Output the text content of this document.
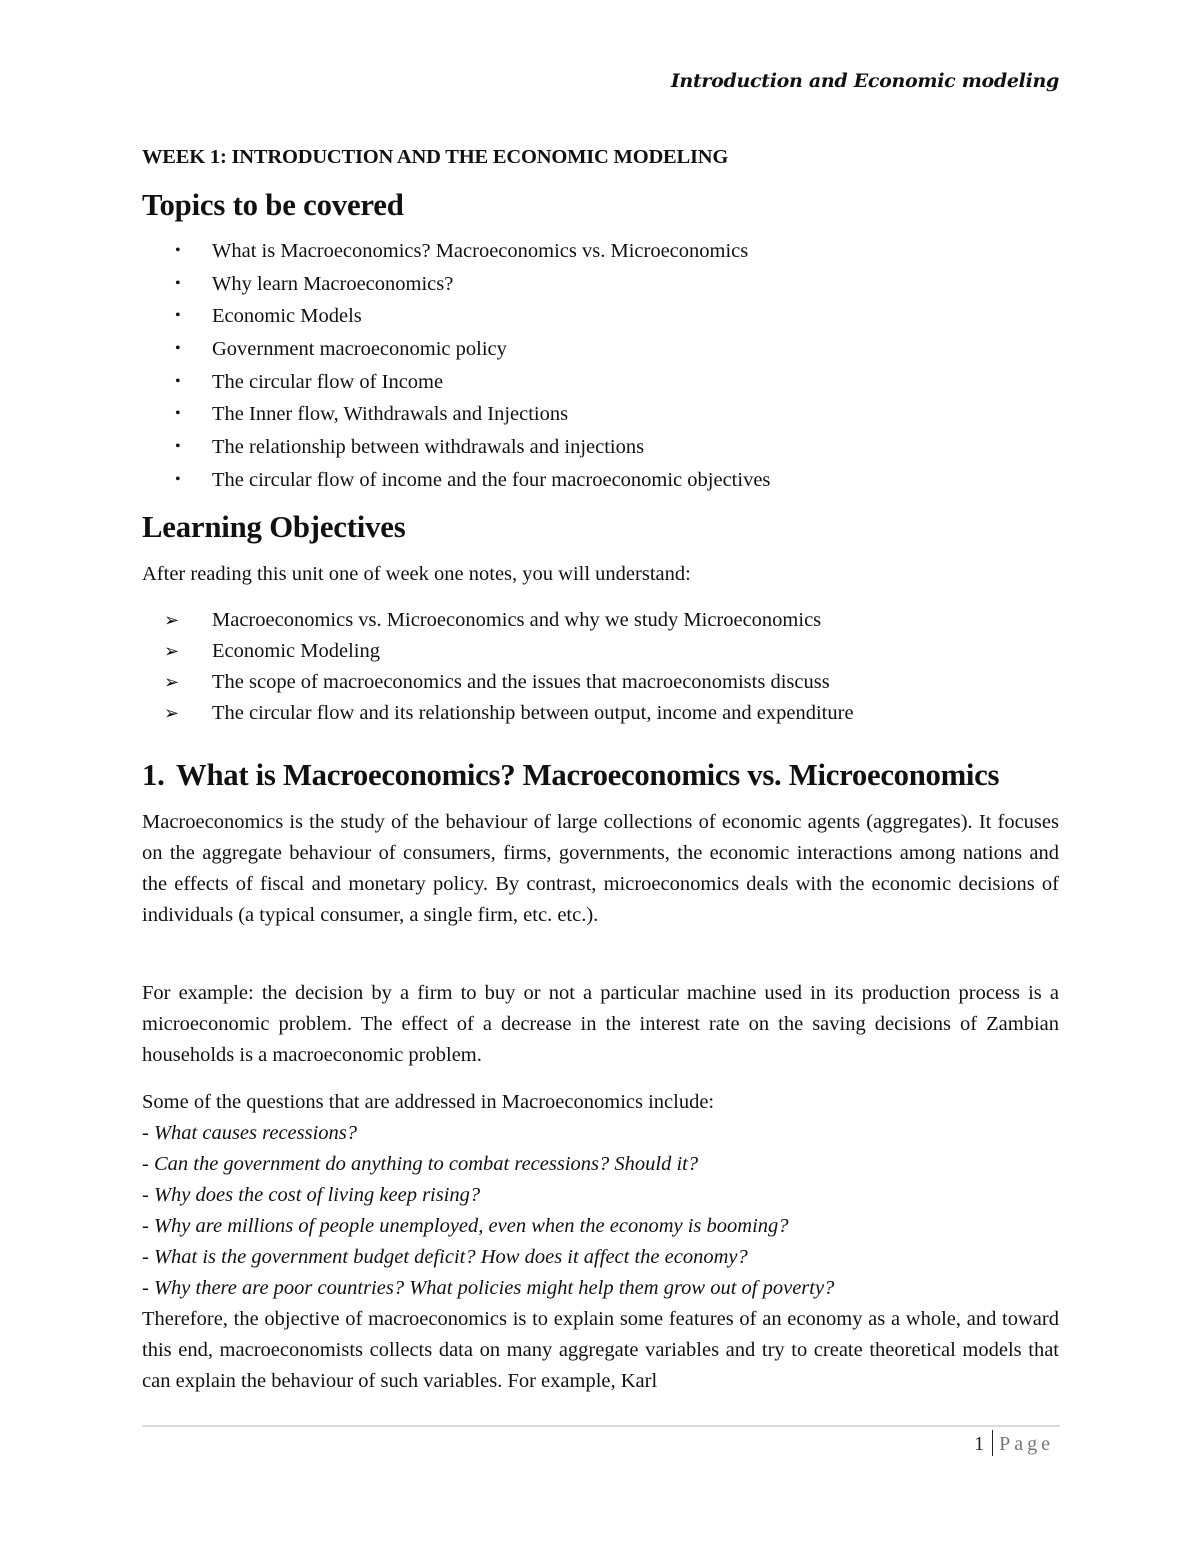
Introduction and Economic modeling
WEEK 1: INTRODUCTION AND THE ECONOMIC MODELING
Topics to be covered
• What is Macroeconomics? Macroeconomics vs. Microeconomics
• Why learn Macroeconomics?
• Economic Models
• Government macroeconomic policy
• The circular flow of Income
• The Inner flow, Withdrawals and Injections
• The relationship between withdrawals and injections
• The circular flow of income and the four macroeconomic objectives
Learning Objectives

After reading this unit one of week one notes, you will understand:

➢ Macroeconomics vs. Microeconomics and why we study Microeconomics
➢ Economic Modeling
➢ The scope of macroeconomics and the issues that macroeconomists discuss
➢ The circular flow and its relationship between output, income and expenditure
1. What is Macroeconomics? Macroeconomics vs. Microeconomics

Macroeconomics is the study of the behaviour of large collections of economic agents (aggregates). It focuses on the aggregate behaviour of consumers, firms, governments, the economic interactions among nations and the effects of fiscal and monetary policy. By contrast, microeconomics deals with the economic decisions of individuals (a typical consumer, a single firm, etc. etc.).

For example: the decision by a firm to buy or not a particular machine used in its production process is a microeconomic problem. The effect of a decrease in the interest rate on the saving decisions of Zambian households is a macroeconomic problem.

Some of the questions that are addressed in Macroeconomics include:

- What causes recessions?
- Can the government do anything to combat recessions? Should it?
- Why does the cost of living keep rising?
- Why are millions of people unemployed, even when the economy is booming?
- What is the government budget deficit? How does it affect the economy?
- Why there are poor countries? What policies might help them grow out of poverty?

Therefore, the objective of macroeconomics is to explain some features of an economy as a whole, and toward this end, macroeconomists collects data on many aggregate variables and try to create theoretical models that can explain the behaviour of such variables. For example, Karl

1 Page
